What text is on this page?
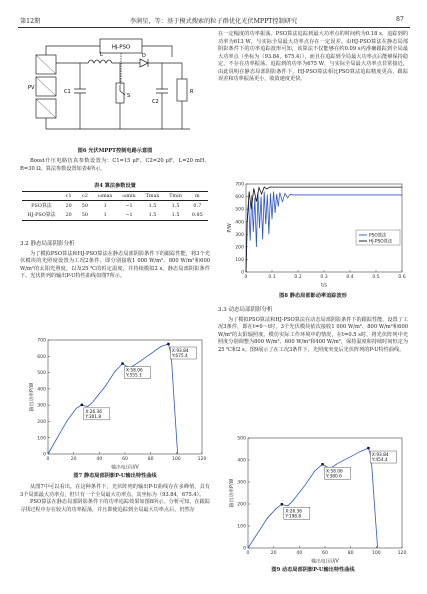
第12期	李润星，等：基于模式搜索的粒子群优化光伏MPPT控制研究	87
HJ-PSO
PV
L
C1
C2
D
S
R
图6 光伏MPPT控制电路示意图

Boost升压电路仿真参数设置为：C1=15 μF，C2=20 μF，L=20 mH，R=30 Ω。算法参数设置如表4所示。

表4 算法参数设置
	c1	c2	ωmax	ωmin	Tmax	Tmin	m
PSO算法	20	50	1	−1	1.5	1.5	0.7
HJ-PSO算法	20	50	1	−1	1.5	1.5	0.85

3.2 静态局部阴影分析

为了模拟PSO算法和HJ-PSO算法在静态局部阴影条件下的跟踪性能，将3个光伏模块的光照度设置为工况2条件，即分别接收1 000 W/m²、800 W/m²和600 W/m²的太阳光照度，以及25 ℃的恒定温度，并持续模拟2 s。静态局部阴影条件下，光伏阵列的输出P-U特性曲线如图7所示。

0	20	40	60	80	100	120
0
100
200
300
400
500
600
700
输出电压U/V
输出功率P/W
X:26.36
Y:301.8
X:58.06
Y:555.1
X:93.84
Y:675.4
图7 静态局部阴影P-U输出特性曲线

从图7中可以看出，在这种条件下，光伏阵列的输出P-U曲线存在多峰值，具有3个局部最大功率点，但只有一个全局最大功率点，其坐标为（93.84，675.4）。

PSO算法在静态局部阴影条件下的功率追踪效果如图8所示。分析可知，在跟踪寻找过程中存在较大的功率振荡，并且即使追踪到全局最大功率点后，仍然存

在一定幅度的功率振荡。PSO算法追踪到最大功率点的时间约为0.18 s，追踪到的功率为613 W，与实际全局最大功率点存在一定误差。由HJ-PSO算法在静态局部阴影条件下的功率追踪波形可知，该算法不仅能够在约0.09 s内准确跟踪到全局最大功率点（坐标为（93.84，675.4）），而且在追踪到全局最大功率点后能够保持稳定，不存在功率振荡。追踪到的功率为675 W，与实际全局最大功率点非常接近，由此说明在静态局部阴影条件下，HJ-PSO算法相比PSO算法追踪精度更高，跟踪误差和功率振荡更小，收敛速度更快。

0	0.1	0.2	0.3	0.4	0.5	0.6
0
100
200
300
400
500
600
700
t/s
P/W
PSO算法
HJ-PSO算法
图8 静态局部影动率追踪波形

3.3 动态局部阴影分析

为了模拟PSO算法和HJ-PSO算法在动态局部阴影条件下的跟踪性能，设置了工况3条件，即在t=0～t时，3个光伏模块依次接收1 000 W/m²、800 W/m²和600 W/m²的太阳辐照度。模仿实际工作环境中的情况，在t=0.5 s时，将光伏阵列中光照度分别调整为800 W/m²、600 W/m²和400 W/m²，保持温度和持续时间恒定为25 ℃和2 s。图9展示了在工况3条件下，光照度突变后光伏阵列的P-U特性曲线。

0	20	40	60	80	100	120
0
100
200
300
400
500
输出电压U/V
输出功率P/W
X:26.36
Y:198.8
X:58.06
Y:380.6
X:93.84
Y:454.4
图9 动态局部阴影P-U输出特性曲线
